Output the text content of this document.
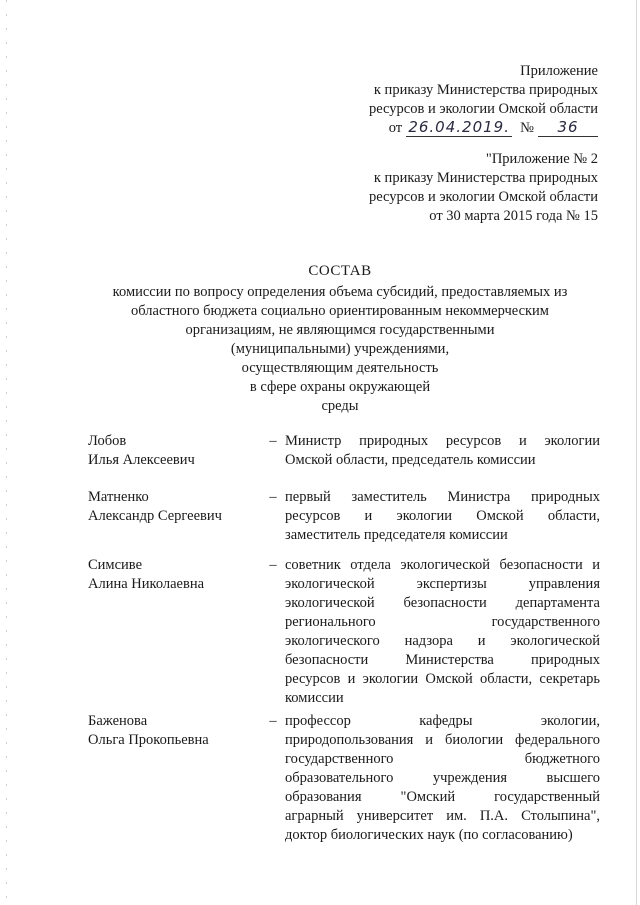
Приложение
к приказу Министерства природных
ресурсов и экологии Омской области
от 26.04.2019. №	36
"Приложение № 2
к приказу Министерства природных
ресурсов и экологии Омской области
от 30 марта 2015 года № 15
СОСТАВ
комиссии по вопросу определения объема субсидий, предоставляемых из
областного бюджета социально ориентированным некоммерческим
организациям, не являющимся государственными
(муниципальными) учреждениями,
осуществляющим деятельность
в сфере охраны окружающей
среды
Лобов
Илья Алексеевич
– Министр природных ресурсов и экологии
Омской области, председатель комиссии
Матненко
Александр Сергеевич
– первый заместитель Министра природных
ресурсов и экологии Омской области,
заместитель председателя комиссии
Симсиве
Алина Николаевна
– советник отдела экологической безопасности и
экологической экспертизы управления
экологической безопасности департамента
регионального государственного
экологического надзора и экологической
безопасности Министерства природных
ресурсов и экологии Омской области, секретарь
комиссии
Баженова
Ольга Прокопьевна
– профессор кафедры экологии,
природопользования и биологии федерального
государственного бюджетного
образовательного учреждения высшего
образования "Омский государственный
аграрный университет им. П.А. Столыпина",
доктор биологических наук (по согласованию)
